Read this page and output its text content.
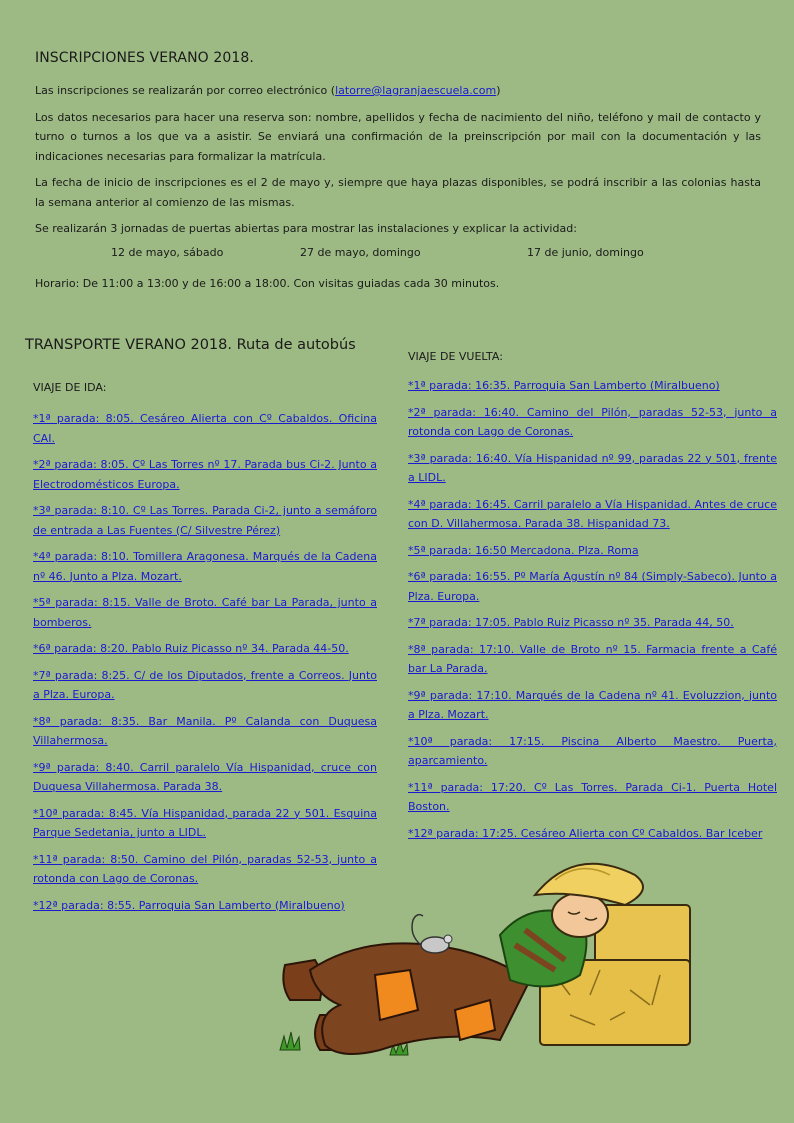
INSCRIPCIONES VERANO 2018.

Las inscripciones se realizarán por correo electrónico (latorre@lagranjaescuela.com)

Los datos necesarios para hacer una reserva son: nombre, apellidos y fecha de nacimiento del niño, teléfono y mail de contacto y turno o turnos a los que va a asistir. Se enviará una confirmación de la preinscripción por mail con la documentación y las indicaciones necesarias para formalizar la matrícula.

La fecha de inicio de inscripciones es el 2 de mayo y, siempre que haya plazas disponibles, se podrá inscribir a las colonias hasta la semana anterior al comienzo de las mismas.

Se realizarán 3 jornadas de puertas abiertas para mostrar las instalaciones y explicar la actividad:

12 de mayo, sábado	27 de mayo, domingo	17 de junio, domingo

Horario: De 11:00 a 13:00 y de 16:00 a 18:00. Con visitas guiadas cada 30 minutos.

TRANSPORTE VERANO 2018. Ruta de autobús

VIAJE DE IDA:

*1ª parada: 8:05. Cesáreo Alierta con Cº Cabaldos. Oficina CAI.
*2ª parada: 8:05. Cº Las Torres nº 17. Parada bus Ci-2. Junto a Electrodomésticos Europa.
*3ª parada: 8:10. Cº Las Torres. Parada Ci-2, junto a semáforo de entrada a Las Fuentes (C/ Silvestre Pérez)
*4ª parada: 8:10. Tomillera Aragonesa. Marqués de la Cadena nº 46. Junto a Plza. Mozart.
*5ª parada: 8:15. Valle de Broto. Café bar La Parada, junto a bomberos.
*6ª parada: 8:20. Pablo Ruiz Picasso nº 34. Parada 44-50.
*7ª parada: 8:25. C/ de los Diputados, frente a Correos. Junto a Plza. Europa.
*8ª parada: 8:35. Bar Manila. Pº Calanda con Duquesa Villahermosa.
*9ª parada: 8:40. Carril paralelo Vía Hispanidad, cruce con Duquesa Villahermosa. Parada 38.
*10ª parada: 8:45. Vía Hispanidad, parada 22 y 501. Esquina Parque Sedetania, junto a LIDL.
*11ª parada: 8:50. Camino del Pilón, paradas 52-53, junto a rotonda con Lago de Coronas.
*12ª parada: 8:55. Parroquia San Lamberto (Miralbueno)

VIAJE DE VUELTA:

*1ª parada: 16:35. Parroquia San Lamberto (Miralbueno)
*2ª parada: 16:40. Camino del Pilón, paradas 52-53, junto a rotonda con Lago de Coronas.
*3ª parada: 16:40. Vía Hispanidad nº 99, paradas 22 y 501, frente a LIDL.
*4ª parada: 16:45. Carril paralelo a Vía Hispanidad. Antes de cruce con D. Villahermosa. Parada 38. Hispanidad 73.
*5ª parada: 16:50 Mercadona. Plza. Roma
*6ª parada: 16:55. Pº María Agustín nº 84 (Simply-Sabeco). Junto a Plza. Europa.
*7ª parada: 17:05. Pablo Ruiz Picasso nº 35. Parada 44, 50.
*8ª parada: 17:10. Valle de Broto nº 15. Farmacia frente a Café bar La Parada.
*9ª parada: 17:10. Marqués de la Cadena nº 41. Evoluzzion, junto a Plza. Mozart.
*10ª parada: 17:15. Piscina Alberto Maestro. Puerta, aparcamiento.
*11ª parada: 17:20. Cº Las Torres. Parada Ci-1. Puerta Hotel Boston.
*12ª parada: 17:25. Cesáreo Alierta con Cº Cabaldos. Bar Iceber
